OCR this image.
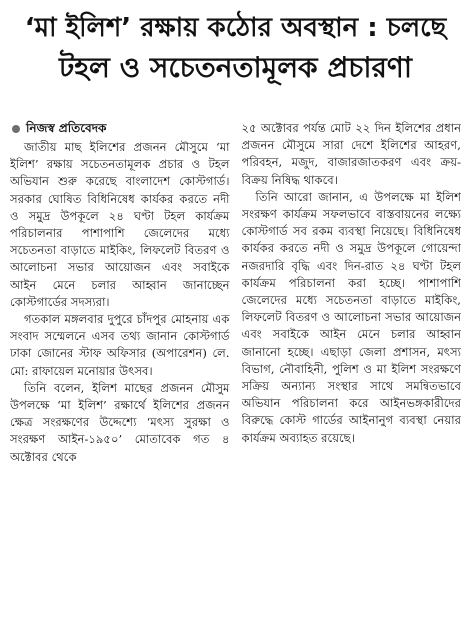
‘মা ইলিশ’ রক্ষায় কঠোর অবস্থান : চলছে
টহল ও সচেতনতামূলক প্রচারণা
নিজস্ব প্রতিবেদক

জাতীয় মাছ ইলিশের প্রজনন মৌসুমে ‘মা ইলিশ’ রক্ষায় সচেতনতামূলক প্রচার ও টহল অভিযান শুরু করেছে বাংলাদেশ কোস্টগার্ড। সরকার ঘোষিত বিধিনিষেধ কার্যকর করতে নদী ও সমুদ্র উপকূলে ২৪ ঘণ্টা টহল কার্যক্রম পরিচালনার পাশাপাশি জেলেদের মধ্যে সচেতনতা বাড়াতে মাইকিং, লিফলেট বিতরণ ও আলোচনা সভার আয়োজন এবং সবাইকে আইন মেনে চলার আহ্বান জানাচ্ছেন কোস্টগার্ডের সদস্যরা।

গতকাল মঙ্গলবার দুপুরে চাঁদপুর মোহনায় এক সংবাদ সম্মেলনে এসব তথ্য জানান কোস্টগার্ড ঢাকা জোনের স্টাফ অফিসার (অপারেশন) লে. মো: রাফায়েল মনোয়ার উৎসব।

তিনি বলেন, ইলিশ মাছের প্রজনন মৌসুম উপলক্ষে ‘মা ইলিশ’ রক্ষার্থে ইলিশের প্রজনন ক্ষেত্র সংরক্ষণের উদ্দেশ্যে ‘মৎস্য সুরক্ষা ও সংরক্ষণ আইন-১৯৫০’ মোতাবেক গত ৪ অক্টোবর থেকে

২৫ অক্টোবর পর্যন্ত মোট ২২ দিন ইলিশের প্রধান প্রজনন মৌসুমে সারা দেশে ইলিশের আহরণ, পরিবহন, মজুদ, বাজারজাতকরণ এবং ক্রয়-বিক্রয় নিষিদ্ধ থাকবে।

তিনি আরো জানান, এ উপলক্ষে মা ইলিশ সংরক্ষণ কার্যক্রম সফলভাবে বাস্তবায়নের লক্ষ্যে কোস্টগার্ড সব রকম ব্যবস্থা নিয়েছে। বিধিনিষেধ কার্যকর করতে নদী ও সমুদ্র উপকূলে গোয়েন্দা নজরদারি বৃদ্ধি এবং দিন-রাত ২৪ ঘণ্টা টহল কার্যক্রম পরিচালনা করা হচ্ছে। পাশাপাশি জেলেদের মধ্যে সচেতনতা বাড়াতে মাইকিং, লিফলেট বিতরণ ও আলোচনা সভার আয়োজন এবং সবাইকে আইন মেনে চলার আহ্বান জানানো হচ্ছে। এছাড়া জেলা প্রশাসন, মৎস্য বিভাগ, নৌবাহিনী, পুলিশ ও মা ইলিশ সংরক্ষণে সক্রিয় অন্যান্য সংস্থার সাথে সমন্বিতভাবে অভিযান পরিচালনা করে আইনভঙ্গকারীদের বিরুদ্ধে কোস্ট গার্ডের আইনানুগ ব্যবস্থা নেয়ার কার্যক্রম অব্যাহত রয়েছে।
